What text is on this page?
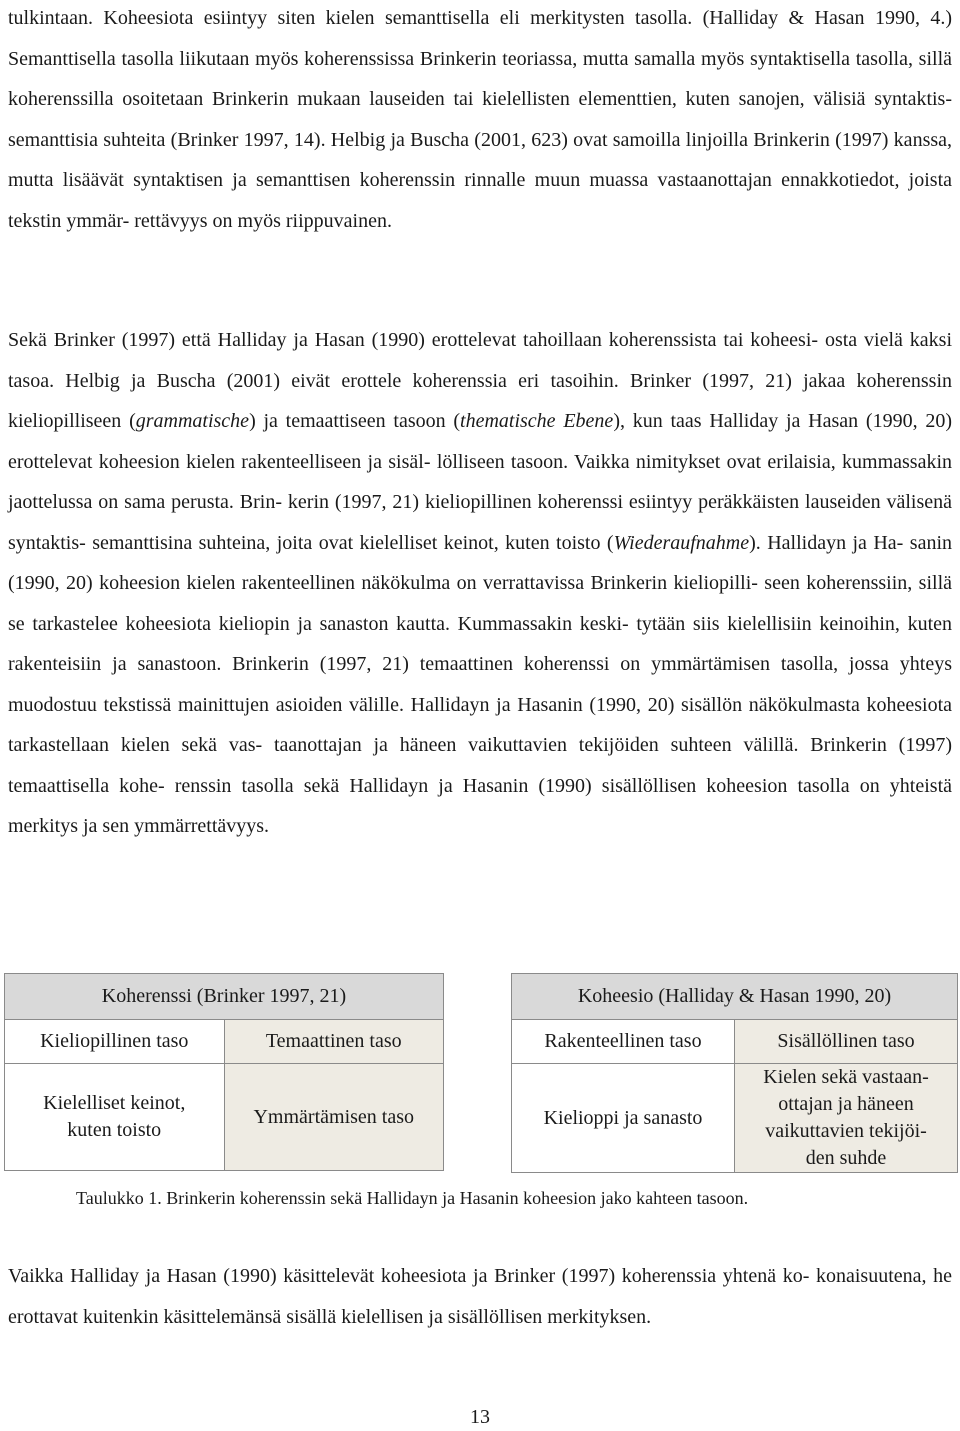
tulkintaan. Koheesiota esiintyy siten kielen semanttisella eli merkitysten tasolla. (Halliday & Hasan 1990, 4.) Semanttisella tasolla liikutaan myös koherenssissa Brinkerin teoriassa, mutta samalla myös syntaktisella tasolla, sillä koherenssilla osoitetaan Brinkerin mukaan lauseiden tai kielellisten elementtien, kuten sanojen, välisiä syntaktis-semanttisia suhteita (Brinker 1997, 14). Helbig ja Buscha (2001, 623) ovat samoilla linjoilla Brinkerin (1997) kanssa, mutta lisäävät syntaktisen ja semanttisen koherenssin rinnalle muun muassa vastaanottajan ennakkotiedot, joista tekstin ymmär- rettävyys on myös riippuvainen.

Sekä Brinker (1997) että Halliday ja Hasan (1990) erottelevat tahoillaan koherenssista tai koheesi- osta vielä kaksi tasoa. Helbig ja Buscha (2001) eivät erottele koherenssia eri tasoihin. Brinker (1997, 21) jakaa koherenssin kieliopilliseen (grammatische) ja temaattiseen tasoon (thematische Ebene), kun taas Halliday ja Hasan (1990, 20) erottelevat koheesion kielen rakenteelliseen ja sisäl- lölliseen tasoon. Vaikka nimitykset ovat erilaisia, kummassakin jaottelussa on sama perusta. Brin- kerin (1997, 21) kieliopillinen koherenssi esiintyy peräkkäisten lauseiden välisenä syntaktis- semanttisina suhteina, joita ovat kielelliset keinot, kuten toisto (Wiederaufnahme). Hallidayn ja Ha- sanin (1990, 20) koheesion kielen rakenteellinen näkökulma on verrattavissa Brinkerin kieliopilli- seen koherenssiin, sillä se tarkastelee koheesiota kieliopin ja sanaston kautta. Kummassakin keski- tytään siis kielellisiin keinoihin, kuten rakenteisiin ja sanastoon. Brinkerin (1997, 21) temaattinen koherenssi on ymmärtämisen tasolla, jossa yhteys muodostuu tekstissä mainittujen asioiden välille. Hallidayn ja Hasanin (1990, 20) sisällön näkökulmasta koheesiota tarkastellaan kielen sekä vas- taanottajan ja häneen vaikuttavien tekijöiden suhteen välillä. Brinkerin (1997) temaattisella kohe- renssin tasolla sekä Hallidayn ja Hasanin (1990) sisällöllisen koheesion tasolla on yhteistä merkitys ja sen ymmärrettävyys.

Koherenssi (Brinker 1997, 21)	
Kieliopillinen taso	Temaattinen taso

Kielelliset keinot,
kuten toisto	Ymmärtämisen taso
Koheesio (Halliday & Hasan 1990, 20)	
Rakenteellinen taso	Sisällöllinen taso

Kielioppi ja sanasto	Kielen sekä vastaan-
ottajan ja häneen
vaikuttavien tekijöi-
den suhde

Taulukko 1. Brinkerin koherenssin sekä Hallidayn ja Hasanin koheesion jako kahteen tasoon.

Vaikka Halliday ja Hasan (1990) käsittelevät koheesiota ja Brinker (1997) koherenssia yhtenä ko- konaisuutena, he erottavat kuitenkin käsittelemänsä sisällä kielellisen ja sisällöllisen merkityksen.

13
